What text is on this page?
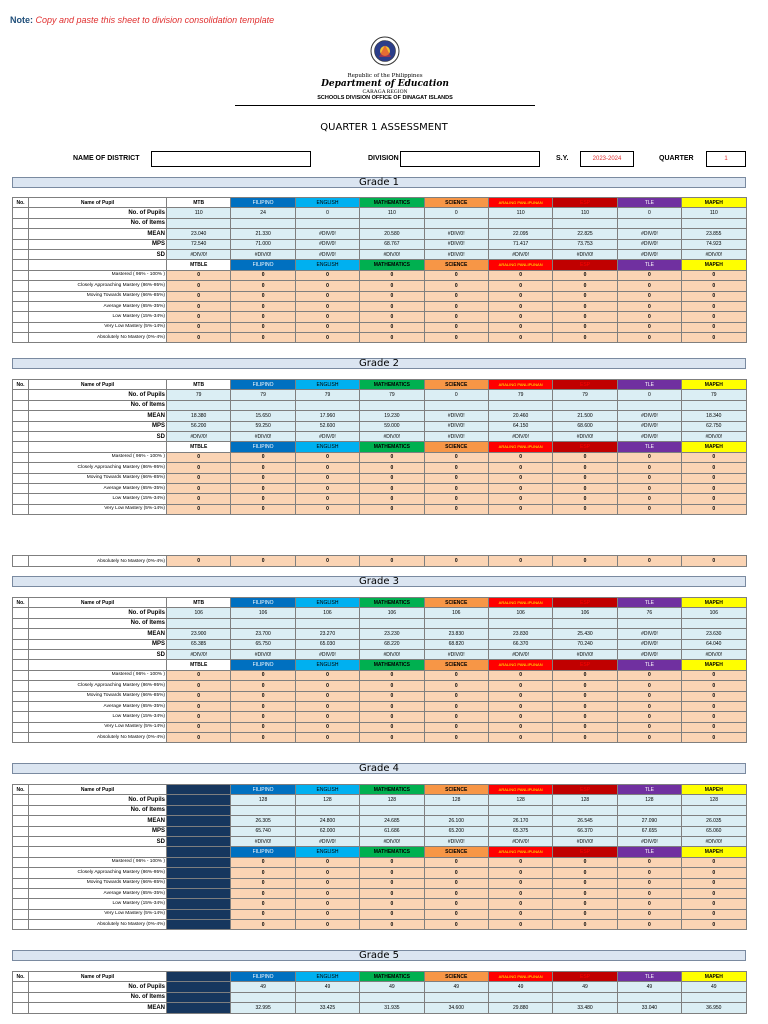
Note: Copy and paste this sheet to division consolidation template
Republic of the Philippines
Department of Education
CARAGA REGION
SCHOOLS DIVISION OFFICE OF DINAGAT ISLANDS
QUARTER 1 ASSESSMENT
NAME OF DISTRICT	DIVISION	S.Y.	2023-2024	QUARTER	1
Grade 1
No.	Name of Pupil	MTB	FILIPINO	ENGLISH	MATHEMATICS	SCIENCE	ARALING PANLIPUNAN	ESP	TLE	MAPEH
	No. of Pupils	110	24	0	110	0	110	110	0	110
	No. of Items									
	MEAN	23.040	21.330	#DIV/0!	20.580	#DIV/0!	22.095	22.825	#DIV/0!	23.855
	MPS	72.540	71.000	#DIV/0!	68.767	#DIV/0!	71.417	73.753	#DIV/0!	74.923
	SD	#DIV/0!	#DIV/0!	#DIV/0!	#DIV/0!	#DIV/0!	#DIV/0!	#DIV/0!	#DIV/0!	#DIV/0!
		MTBLE	FILIPINO	ENGLISH	MATHEMATICS	SCIENCE	ARALING PANLIPUNAN	ESP	TLE	MAPEH
	Mastered ( 96% - 100% )	0	0	0	0	0	0	0	0	0
	Closely Approaching Mastery (86%-95%)	0	0	0	0	0	0	0	0	0
	Moving Towards Mastery (66%-85%)	0	0	0	0	0	0	0	0	0
	Average Mastery (65%-35%)	0	0	0	0	0	0	0	0	0
	Low Mastery (15%-34%)	0	0	0	0	0	0	0	0	0
	Very Low Mastery (5%-14%)	0	0	0	0	0	0	0	0	0
	Absolutely No Mastery (0%-4%)	0	0	0	0	0	0	0	0	0
Grade 2
No.	Name of Pupil	MTB	FILIPINO	ENGLISH	MATHEMATICS	SCIENCE	ARALING PANLIPUNAN	ESP	TLE	MAPEH
	No. of Pupils	79	79	79	79	0	79	79	0	79
	No. of Items									
	MEAN	18.380	15.650	17.960	19.230	#DIV/0!	20.460	21.500	#DIV/0!	18.340
	MPS	56.200	59.250	52.600	59.000	#DIV/0!	64.150	68.600	#DIV/0!	62.750
	SD	#DIV/0!	#DIV/0!	#DIV/0!	#DIV/0!	#DIV/0!	#DIV/0!	#DIV/0!	#DIV/0!	#DIV/0!
		MTBLE	FILIPINO	ENGLISH	MATHEMATICS	SCIENCE	ARALING PANLIPUNAN	ESP	TLE	MAPEH
	Mastered ( 96% - 100% )	0	0	0	0	0	0	0	0	0
	Closely Approaching Mastery (86%-95%)	0	0	0	0	0	0	0	0	0
	Moving Towards Mastery (66%-85%)	0	0	0	0	0	0	0	0	0
	Average Mastery (65%-35%)	0	0	0	0	0	0	0	0	0
	Low Mastery (15%-34%)	0	0	0	0	0	0	0	0	0
	Very Low Mastery (5%-14%)	0	0	0	0	0	0	0	0	0
	Absolutely No Mastery (0%-4%)	0	0	0	0	0	0	0	0	0
Grade 3
No.	Name of Pupil	MTB	FILIPINO	ENGLISH	MATHEMATICS	SCIENCE	ARALING PANLIPUNAN	ESP	TLE	MAPEH
	No. of Pupils	106	106	106	106	106	106	106	76	106
	No. of Items									
	MEAN	23.900	23.700	23.270	23.230	23.830	23.830	25.430	#DIV/0!	23.630
	MPS	65.385	65.750	65.030	68.220	68.820	66.370	70.240	#DIV/0!	64.040
	SD	#DIV/0!	#DIV/0!	#DIV/0!	#DIV/0!	#DIV/0!	#DIV/0!	#DIV/0!	#DIV/0!	#DIV/0!
		MTBLE	FILIPINO	ENGLISH	MATHEMATICS	SCIENCE	ARALING PANLIPUNAN	ESP	TLE	MAPEH
	Mastered ( 96% - 100% )	0	0	0	0	0	0	0	0	0
	Closely Approaching Mastery (86%-95%)	0	0	0	0	0	0	0	0	0
	Moving Towards Mastery (66%-85%)	0	0	0	0	0	0	0	0	0
	Average Mastery (65%-35%)	0	0	0	0	0	0	0	0	0
	Low Mastery (15%-34%)	0	0	0	0	0	0	0	0	0
	Very Low Mastery (5%-14%)	0	0	0	0	0	0	0	0	0
	Absolutely No Mastery (0%-4%)	0	0	0	0	0	0	0	0	0
Grade 4
No.	Name of Pupil		FILIPINO	ENGLISH	MATHEMATICS	SCIENCE	ARALING PANLIPUNAN	ESP	TLE	MAPEH
	No. of Pupils		128	128	128	128	128	128	128	128
	No. of Items									
	MEAN		26.305	24.800	24.685	26.100	26.170	26.545	27.090	26.035
	MPS		65.740	62.000	61.686	65.200	65.375	66.370	67.655	65.060
	SD		#DIV/0!	#DIV/0!	#DIV/0!	#DIV/0!	#DIV/0!	#DIV/0!	#DIV/0!	#DIV/0!
			FILIPINO	ENGLISH	MATHEMATICS	SCIENCE	ARALING PANLIPUNAN	ESP	TLE	MAPEH
	Mastered ( 96% - 100% )		0	0	0	0	0	0	0	0
	Closely Approaching Mastery (86%-95%)		0	0	0	0	0	0	0	0
	Moving Towards Mastery (66%-85%)		0	0	0	0	0	0	0	0
	Average Mastery (65%-35%)		0	0	0	0	0	0	0	0
	Low Mastery (15%-34%)		0	0	0	0	0	0	0	0
	Very Low Mastery (5%-14%)		0	0	0	0	0	0	0	0
	Absolutely No Mastery (0%-4%)		0	0	0	0	0	0	0	0
Grade 5
No.	Name of Pupil		FILIPINO	ENGLISH	MATHEMATICS	SCIENCE	ARALING PANLIPUNAN	ESP	TLE	MAPEH
	No. of Pupils		49	49	49	49	49	49	49	49
	No. of Items									
	MEAN		32.995	33.425	31.935	34.600	29.880	33.480	33.040	36.950
